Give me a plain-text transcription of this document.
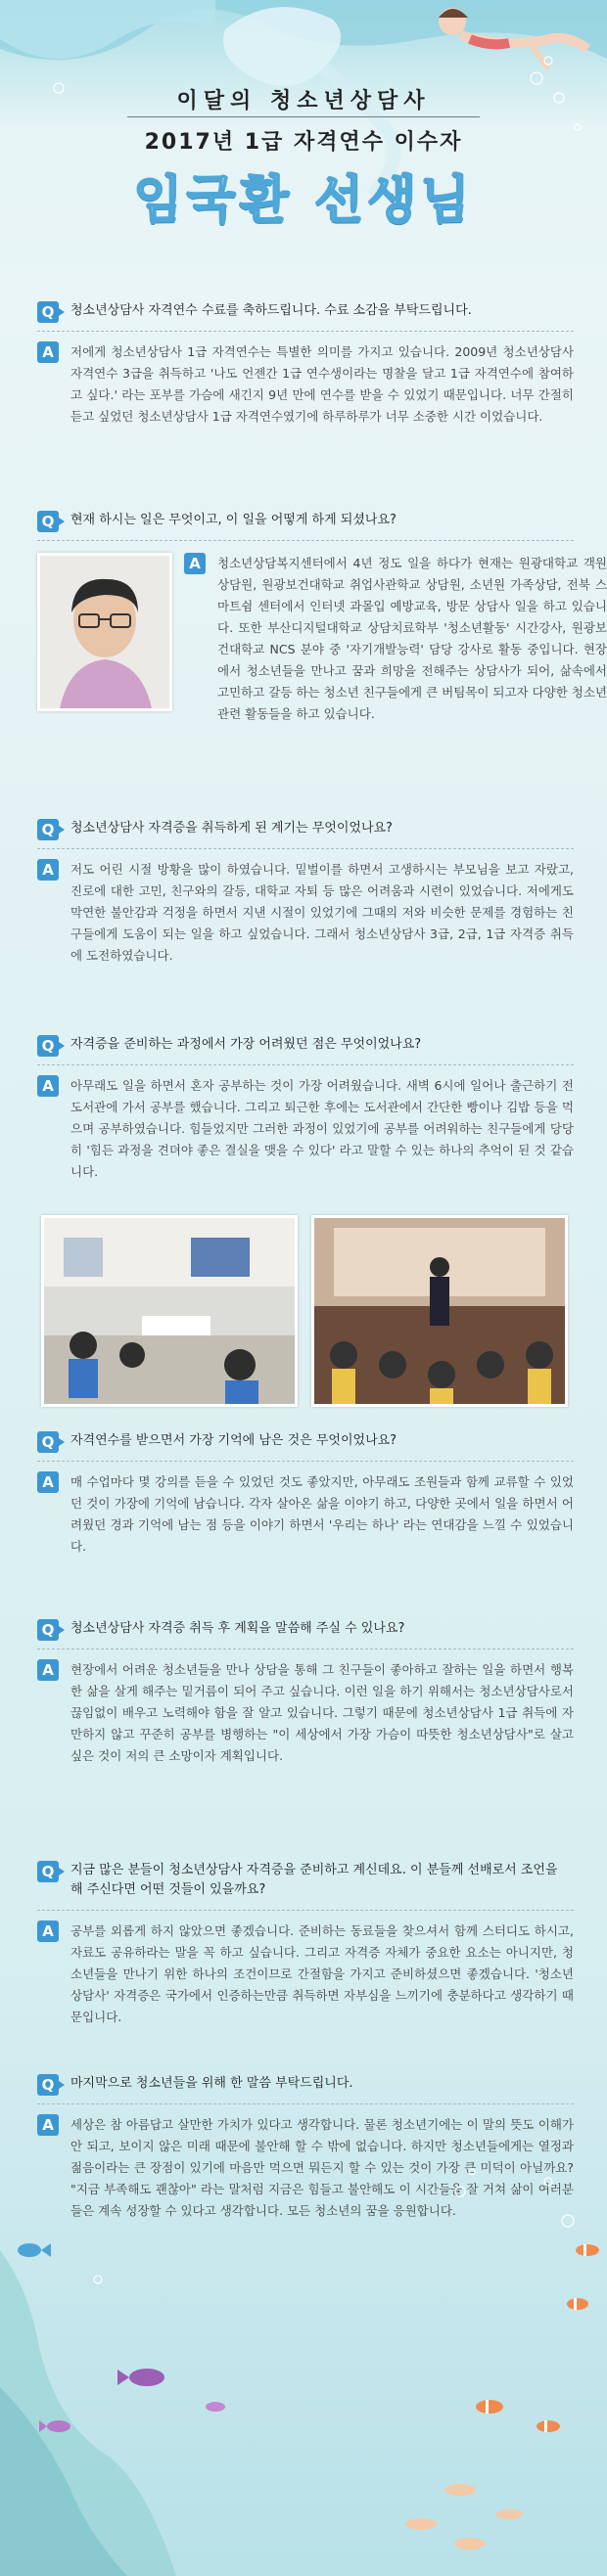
이달의 청소년상담사
2017년 1급 자격연수 이수자
임국환 선생님
Q	청소년상담사 자격연수 수료를 축하드립니다. 수료 소감을 부탁드립니다.
A	저에게 청소년상담사 1급 자격연수는 특별한 의미를 가지고 있습니다. 2009년 청소년상담사 자격연수 3급을 취득하고 '나도 언젠간 1급 연수생이라는 명찰을 달고 1급 자격연수에 참여하고 싶다.' 라는 포부를 가슴에 새긴지 9년 만에 연수를 받을 수 있었기 때문입니다. 너무 간절히 듣고 싶었던 청소년상담사 1급 자격연수였기에 하루하루가 너무 소중한 시간 이었습니다.
Q	현재 하시는 일은 무엇이고, 이 일을 어떻게 하게 되셨나요?
A	청소년상담복지센터에서 4년 정도 일을 하다가 현재는 원광대학교 객원 상담원, 원광보건대학교 취업사관학교 상담원, 소년원 가족상담, 전북 스마트쉼 센터에서 인터넷 과몰입 예방교육, 방문 상담사 일을 하고 있습니다. 또한 부산디지털대학교 상담치료학부 '청소년활동' 시간강사, 원광보건대학교 NCS 분야 중 '자기개발능력' 담당 강사로 활동 중입니다. 현장에서 청소년들을 만나고 꿈과 희망을 전해주는 상담사가 되어, 삶속에서 고민하고 갈등 하는 청소년 친구들에게 큰 버팀목이 되고자 다양한 청소년 관련 활동들을 하고 있습니다.
Q	청소년상담사 자격증을 취득하게 된 계기는 무엇이었나요?
A	저도 어린 시절 방황을 많이 하였습니다. 밑벌이를 하면서 고생하시는 부모님을 보고 자랐고, 진로에 대한 고민, 친구와의 갈등, 대학교 자퇴 등 많은 어려움과 시련이 있었습니다. 저에게도 막연한 불안감과 걱정을 하면서 지낸 시절이 있었기에 그때의 저와 비슷한 문제를 경험하는 친구들에게 도움이 되는 일을 하고 싶었습니다. 그래서 청소년상담사 3급, 2급, 1급 자격증 취득에 도전하였습니다.
Q	자격증을 준비하는 과정에서 가장 어려웠던 점은 무엇이었나요?
A	아무래도 일을 하면서 혼자 공부하는 것이 가장 어려웠습니다. 새벽 6시에 일어나 출근하기 전 도서관에 가서 공부를 했습니다. 그리고 퇴근한 후에는 도서관에서 간단한 빵이나 김밥 등을 먹으며 공부하였습니다. 힘들었지만 그러한 과정이 있었기에 공부를 어려워하는 친구들에게 당당히 '힘든 과정을 견뎌야 좋은 결실을 맺을 수 있다' 라고 말할 수 있는 하나의 추억이 된 것 같습니다.
Q	자격연수를 받으면서 가장 기억에 남은 것은 무엇이었나요?
A	매 수업마다 몇 강의를 듣을 수 있었던 것도 좋았지만, 아무래도 조원들과 함께 교류할 수 있었던 것이 가장에 기억에 남습니다. 각자 살아온 삶을 이야기 하고, 다양한 곳에서 일을 하면서 어려웠던 경과 기억에 남는 점 등을 이야기 하면서 '우리는 하나' 라는 연대감을 느낄 수 있었습니다.
Q	청소년상담사 자격증 취득 후 계획을 말씀해 주실 수 있나요?
A	현장에서 어려운 청소년들을 만나 상담을 통해 그 친구들이 좋아하고 잘하는 일을 하면서 행복한 삶을 살게 해주는 밑거름이 되어 주고 싶습니다. 이런 일을 하기 위해서는 청소년상담사로서 끊임없이 배우고 노력해야 함을 잘 알고 있습니다. 그렇기 때문에 청소년상담사 1급 취득에 자만하지 않고 꾸준히 공부를 병행하는 "이 세상에서 가장 가슴이 따뜻한 청소년상담사"로 살고 싶은 것이 저의 큰 소망이자 계획입니다.
Q	지금 많은 분들이 청소년상담사 자격증을 준비하고 계신데요. 이 분들께 선배로서 조언을 해 주신다면 어떤 것들이 있을까요?
A	공부를 외롭게 하지 않았으면 좋겠습니다. 준비하는 동료들을 찾으셔서 함께 스터디도 하시고, 자료도 공유하라는 말을 꼭 하고 싶습니다. 그리고 자격증 자체가 중요한 요소는 아니지만, 청소년들을 만나기 위한 하나의 조건이므로 간절함을 가지고 준비하셨으면 좋겠습니다. '청소년상담사' 자격증은 국가에서 인증하는만큼 취득하면 자부심을 느끼기에 충분하다고 생각하기 때문입니다.
Q	마지막으로 청소년들을 위해 한 말씀 부탁드립니다.
A	세상은 참 아름답고 살만한 가치가 있다고 생각합니다. 물론 청소년기에는 이 말의 뜻도 이해가 안 되고, 보이지 않은 미래 때문에 불안해 할 수 밖에 없습니다. 하지만 청소년들에게는 열정과 젊음이라는 큰 장점이 있기에 마음만 먹으면 뭐든지 할 수 있는 것이 가장 큰 미덕이 아닐까요? "지금 부족해도 괜찮아" 라는 말처럼 지금은 힘들고 불안해도 이 시간들을 잘 거쳐 삶이 여러분들은 계속 성장할 수 있다고 생각합니다. 모든 청소년의 꿈을 응원합니다.
